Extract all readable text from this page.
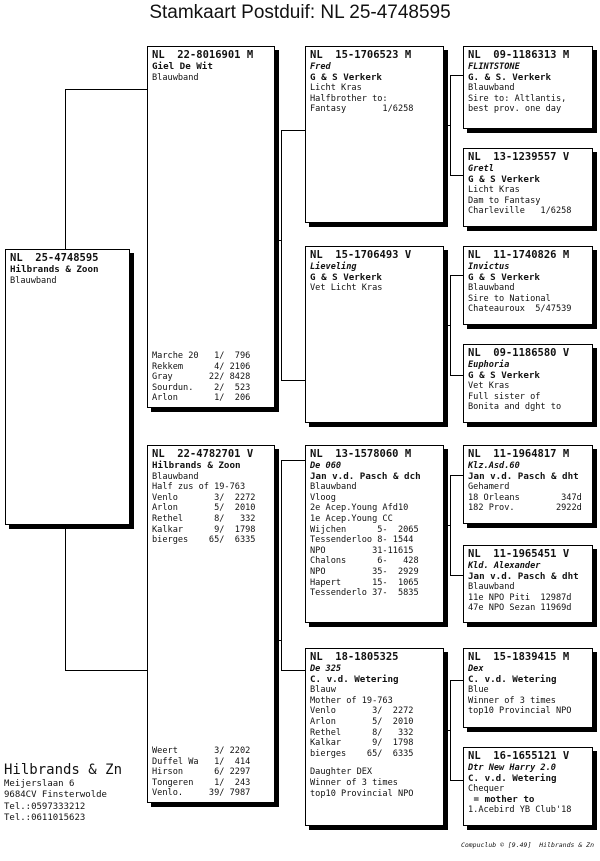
Stamkaart Postduif: NL 25-4748595
NL  25-4748595
Hilbrands & Zoon
Blauwband
NL  22-8016901 M
Giel De Wit
Blauwband
Marche 20   1/  796
Rekkem      4/ 2106
Gray       22/ 8428
Sourdun.    2/  523
Arlon       1/  206
NL  22-4782701 V
Hilbrands & Zoon
Blauwband
Half zus of 19-763
Venlo       3/  2272
Arlon       5/  2010
Rethel      8/   332
Kalkar      9/  1798
bierges    65/  6335
Weert       3/ 2202
Duffel Wa   1/  414
Hirson      6/ 2297
Tongeren    1/  243
Venlo.     39/ 7987
NL  15-1706523 M
Fred
G & S Verkerk
Licht Kras
Halfbrother to:
Fantasy       1/6258
NL  15-1706493 V
Lieveling
G & S Verkerk
Vet Licht Kras
NL  13-1578060 M
De 060
Jan v.d. Pasch & dch
Blauwband
Vloog
2e Acep.Young Afd10
1e Acep.Young CC
Wijchen      5-  2065
Tessenderloo 8- 1544
NPO         31-11615
Chalons      6-   428
NPO         35-  2929
Hapert      15-  1065
Tessenderlo 37-  5835
NL  18-1805325
De 325
C. v.d. Wetering
Blauw
Mother of 19-763
Venlo       3/  2272
Arlon       5/  2010
Rethel      8/   332
Kalkar      9/  1798
bierges    65/  6335
Daughter DEX
Winner of 3 times
top10 Provincial NPO
NL  09-1186313 M
FLINTSTONE
G. & S. Verkerk
Blauwband
Sire to: Altlantis,
best prov. one day
NL  13-1239557 V
Gretl
G & S Verkerk
Licht Kras
Dam to Fantasy
Charleville   1/6258
NL  11-1740826 M
Invictus
G & S Verkerk
Blauwband
Sire to National
Chateauroux  5/47539
NL  09-1186580 V
Euphoria
G & S Verkerk
Vet Kras
Full sister of
Bonita and dght to
NL  11-1964817 M
Klz.Asd.60
Jan v.d. Pasch & dht
Gehamerd
18 Orleans        347d
182 Prov.        2922d
NL  11-1965451 V
Kld. Alexander
Jan v.d. Pasch & dht
Blauwband
11e NPO Piti  12987d
47e NPO Sezan 11969d
NL  15-1839415 M
Dex
C. v.d. Wetering
Blue
Winner of 3 times
top10 Provincial NPO
NL  16-1655121 V
Dtr New Harry 2.0
C. v.d. Wetering
Chequer
= mother to
1.Acebird YB Club'18
Hilbrands & Zn
Meijerslaan 6
9684CV Finsterwolde
Tel.:0597333212
Tel.:0611015623
Compuclub © [9.49]  Hilbrands & Zn
